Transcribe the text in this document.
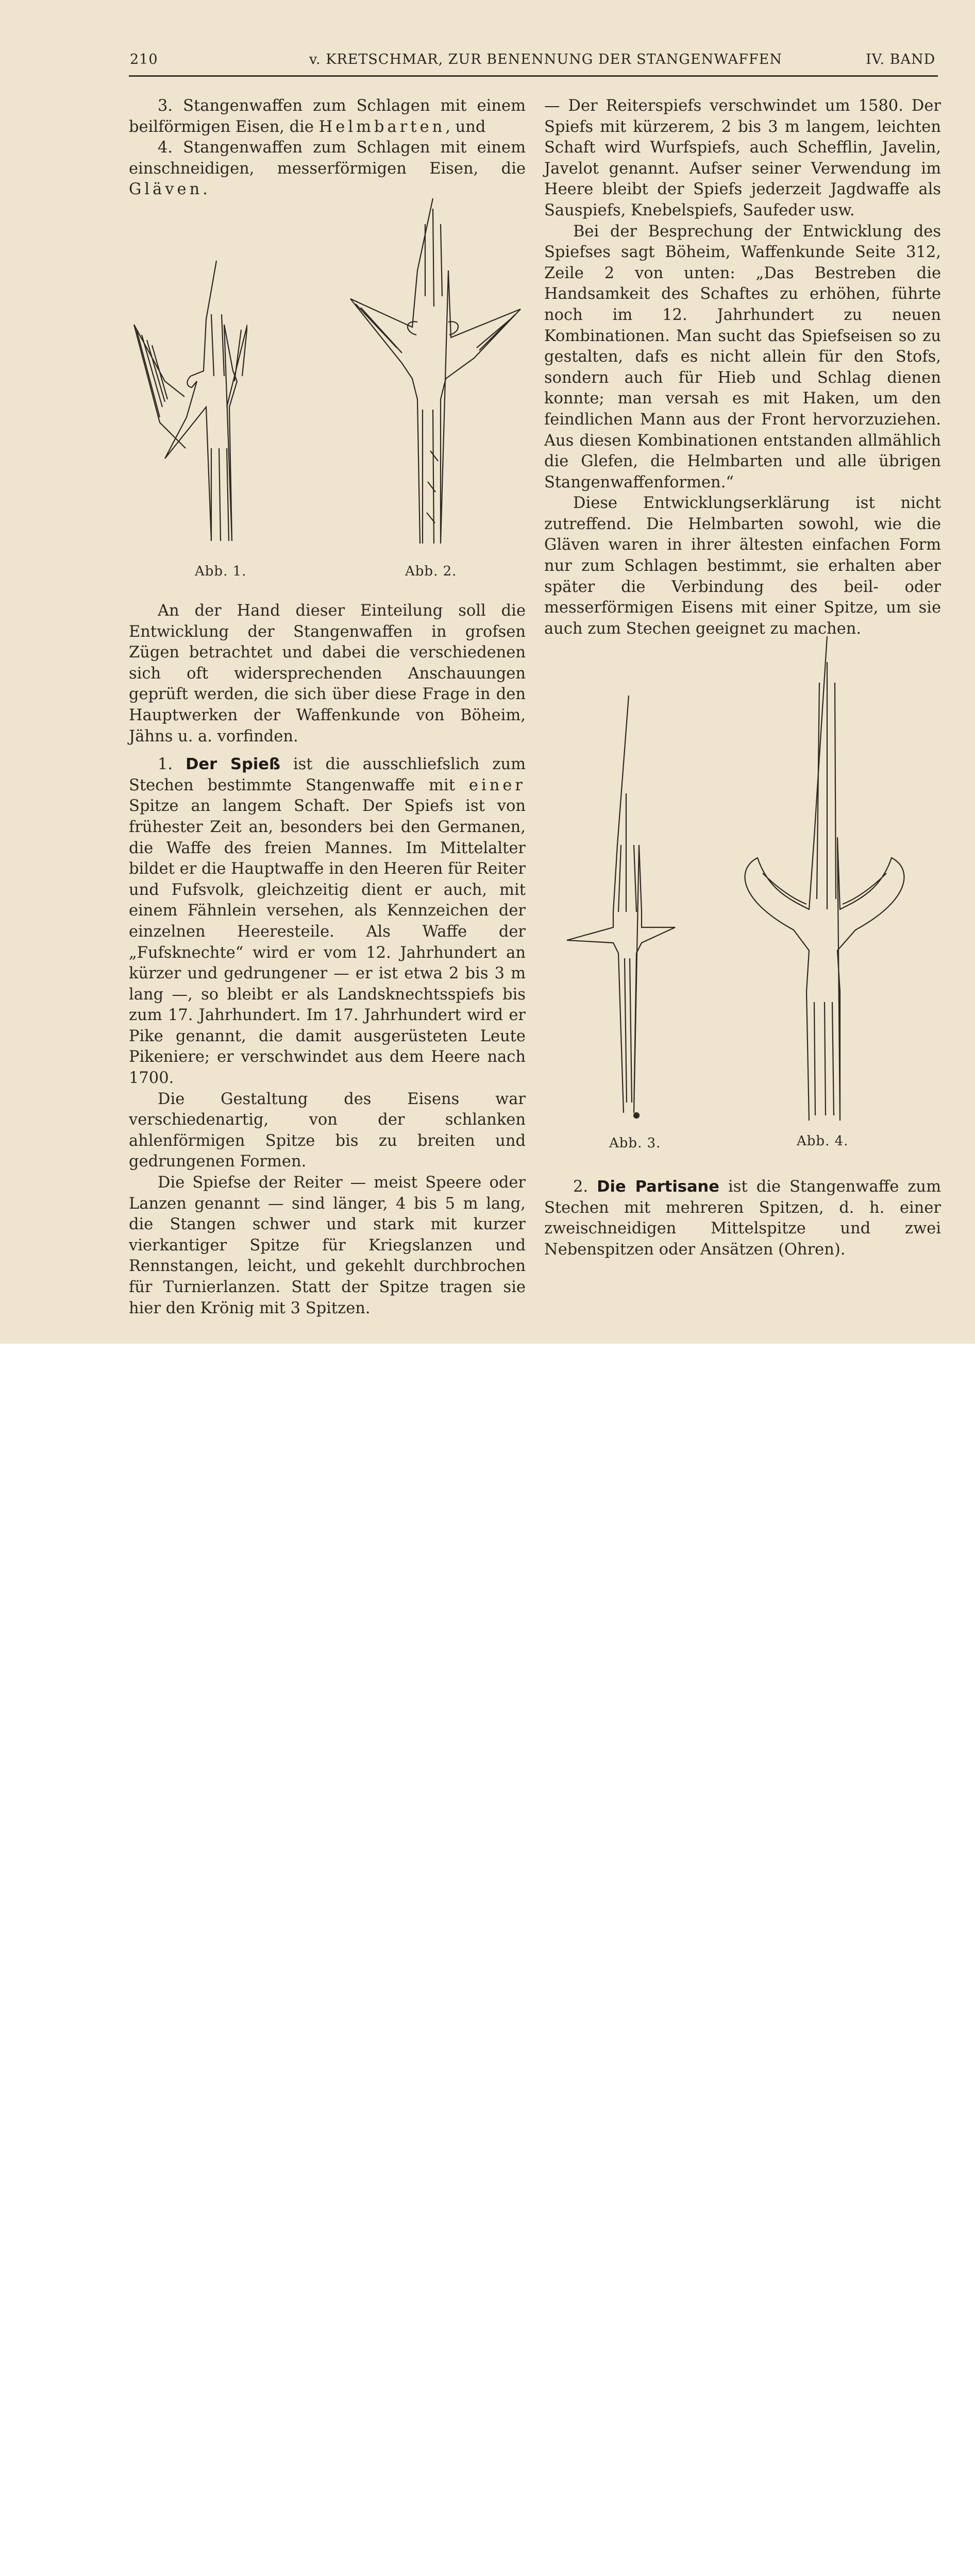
210	v. KRETSCHMAR, ZUR BENENNUNG DER STANGENWAFFEN	IV. BAND

3. Stangenwaffen zum Schlagen mit einem beilförmigen Eisen, die Helmbarten, und

4. Stangenwaffen zum Schlagen mit einem einschneidigen, messerförmigen Eisen, die Gläven.

Abb. 1.	Abb. 2.

An der Hand dieser Einteilung soll die Entwicklung der Stangenwaffen in grofsen Zügen betrachtet und dabei die verschiedenen sich oft widersprechenden Anschauungen geprüft werden, die sich über diese Frage in den Hauptwerken der Waffenkunde von Böheim, Jähns u. a. vorfinden.

1. Der Spieß ist die ausschliefslich zum Stechen bestimmte Stangenwaffe mit einer Spitze an langem Schaft. Der Spiefs ist von frühester Zeit an, besonders bei den Germanen, die Waffe des freien Mannes. Im Mittelalter bildet er die Hauptwaffe in den Heeren für Reiter und Fufsvolk, gleichzeitig dient er auch, mit einem Fähnlein versehen, als Kennzeichen der einzelnen Heeresteile. Als Waffe der „Fufsknechte“ wird er vom 12. Jahrhundert an kürzer und gedrungener — er ist etwa 2 bis 3 m lang —, so bleibt er als Landsknechtsspiefs bis zum 17. Jahrhundert. Im 17. Jahrhundert wird er Pike genannt, die damit ausgerüsteten Leute Pikeniere; er verschwindet aus dem Heere nach 1700.

Die Gestaltung des Eisens war verschiedenartig, von der schlanken ahlenförmigen Spitze bis zu breiten und gedrungenen Formen.

Die Spiefse der Reiter — meist Speere oder Lanzen genannt — sind länger, 4 bis 5 m lang, die Stangen schwer und stark mit kurzer vierkantiger Spitze für Kriegslanzen und Rennstangen, leicht, und gekehlt durchbrochen für Turnierlanzen. Statt der Spitze tragen sie hier den Krönig mit 3 Spitzen.

— Der Reiterspiefs verschwindet um 1580. Der Spiefs mit kürzerem, 2 bis 3 m langem, leichten Schaft wird Wurfspiefs, auch Schefflin, Javelin, Javelot genannt. Aufser seiner Verwendung im Heere bleibt der Spiefs jederzeit Jagdwaffe als Sauspiefs, Knebelspiefs, Saufeder usw.

Bei der Besprechung der Entwicklung des Spiefses sagt Böheim, Waffenkunde Seite 312, Zeile 2 von unten: „Das Bestreben die Handsamkeit des Schaftes zu erhöhen, führte noch im 12. Jahrhundert zu neuen Kombinationen. Man sucht das Spiefseisen so zu gestalten, dafs es nicht allein für den Stofs, sondern auch für Hieb und Schlag dienen konnte; man versah es mit Haken, um den feindlichen Mann aus der Front hervorzuziehen. Aus diesen Kombinationen entstanden allmählich die Glefen, die Helmbarten und alle übrigen Stangenwaffenformen.“

Diese Entwicklungserklärung ist nicht zutreffend. Die Helmbarten sowohl, wie die Gläven waren in ihrer ältesten einfachen Form nur zum Schlagen bestimmt, sie erhalten aber später die Verbindung des beil- oder messerförmigen Eisens mit einer Spitze, um sie auch zum Stechen geeignet zu machen.

Abb. 3.	Abb. 4.

2. Die Partisane ist die Stangenwaffe zum Stechen mit mehreren Spitzen, d. h. einer zweischneidigen Mittelspitze und zwei Nebenspitzen oder Ansätzen (Ohren).
